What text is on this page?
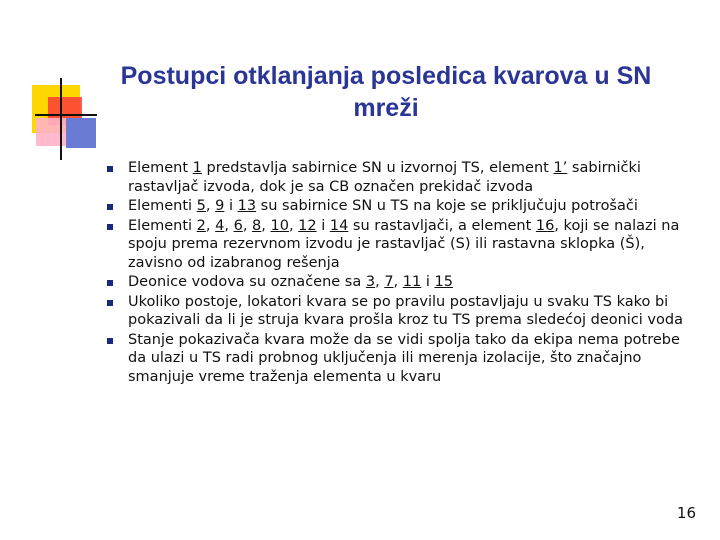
Postupci otklanjanja posledica kvarova u SN mreži
Element 1 predstavlja sabirnice SN u izvornoj TS, element 1’ sabirnički rastavljač izvoda, dok je sa CB označen prekidač izvoda
Elementi 5, 9 i 13 su sabirnice SN u TS na koje se priključuju potrošači
Elementi 2, 4, 6, 8, 10, 12 i 14 su rastavljači, a element 16, koji se nalazi na spoju prema rezervnom izvodu je rastavljač (S) ili rastavna sklopka (Š), zavisno od izabranog rešenja
Deonice vodova su označene sa 3, 7, 11 i 15
Ukoliko postoje, lokatori kvara se po pravilu postavljaju u svaku TS kako bi pokazivali da li je struja kvara prošla kroz tu TS prema sledećoj deonici voda
Stanje pokazivača kvara može da se vidi spolja tako da ekipa nema potrebe da ulazi u TS radi probnog uključenja ili merenja izolacije, što značajno smanjuje vreme traženja elementa u kvaru
16
